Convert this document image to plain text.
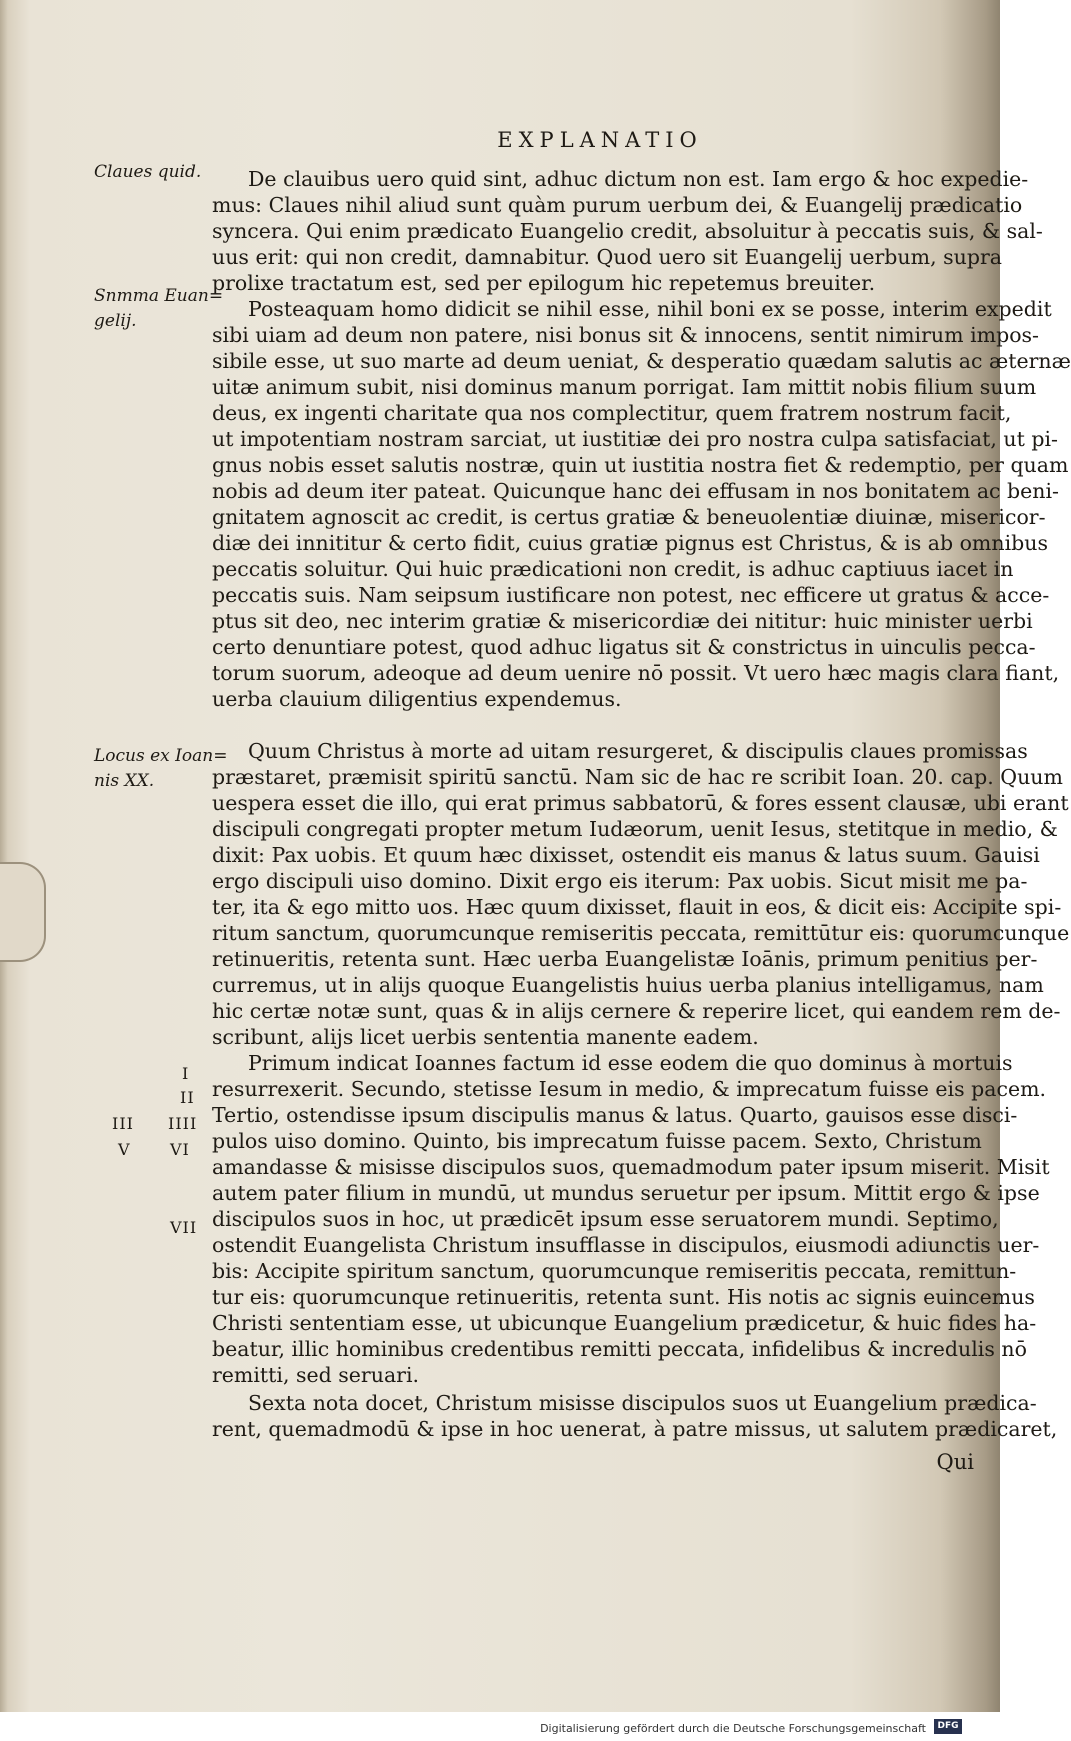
EXPLANATIO
Claues quid.
Snmma Euan=
gelij.
Locus ex Ioan=
nis XX.
I
II
III IIII
V VI
VII
De clauibus uero quid sint, adhuc dictum non est. Iam ergo & hoc expedie-
mus: Claues nihil aliud sunt quàm purum uerbum dei, & Euangelij prædicatio
syncera. Qui enim prædicato Euangelio credit, absoluitur à peccatis suis, & sal-
uus erit: qui non credit, damnabitur. Quod uero sit Euangelij uerbum, supra
prolixe tractatum est, sed per epilogum hic repetemus breuiter.
Posteaquam homo didicit se nihil esse, nihil boni ex se posse, interim expedit
sibi uiam ad deum non patere, nisi bonus sit & innocens, sentit nimirum impos-
sibile esse, ut suo marte ad deum ueniat, & desperatio quædam salutis ac æternæ
uitæ animum subit, nisi dominus manum porrigat. Iam mittit nobis filium suum
deus, ex ingenti charitate qua nos complectitur, quem fratrem nostrum facit,
ut impotentiam nostram sarciat, ut iustitiæ dei pro nostra culpa satisfaciat, ut pi-
gnus nobis esset salutis nostræ, quin ut iustitia nostra fiet & redemptio, per quam
nobis ad deum iter pateat. Quicunque hanc dei effusam in nos bonitatem ac beni-
gnitatem agnoscit ac credit, is certus gratiæ & beneuolentiæ diuinæ, misericor-
diæ dei innititur & certo fidit, cuius gratiæ pignus est Christus, & is ab omnibus
peccatis soluitur. Qui huic prædicationi non credit, is adhuc captiuus iacet in
peccatis suis. Nam seipsum iustificare non potest, nec efficere ut gratus & acce-
ptus sit deo, nec interim gratiæ & misericordiæ dei nititur: huic minister uerbi
certo denuntiare potest, quod adhuc ligatus sit & constrictus in uinculis pecca-
torum suorum, adeoque ad deum uenire nō possit. Vt uero hæc magis clara fiant,
uerba clauium diligentius expendemus.
Quum Christus à morte ad uitam resurgeret, & discipulis claues promissas
præstaret, præmisit spiritū sanctū. Nam sic de hac re scribit Ioan. 20. cap. Quum
uespera esset die illo, qui erat primus sabbatorū, & fores essent clausæ, ubi erant
discipuli congregati propter metum Iudæorum, uenit Iesus, stetitque in medio, &
dixit: Pax uobis. Et quum hæc dixisset, ostendit eis manus & latus suum. Gauisi
ergo discipuli uiso domino. Dixit ergo eis iterum: Pax uobis. Sicut misit me pa-
ter, ita & ego mitto uos. Hæc quum dixisset, flauit in eos, & dicit eis: Accipite spi-
ritum sanctum, quorumcunque remiseritis peccata, remittūtur eis: quorumcunque
retinueritis, retenta sunt. Hæc uerba Euangelistæ Ioānis, primum penitius per-
curremus, ut in alijs quoque Euangelistis huius uerba planius intelligamus, nam
hic certæ notæ sunt, quas & in alijs cernere & reperire licet, qui eandem rem de-
scribunt, alijs licet uerbis sententia manente eadem.
Primum indicat Ioannes factum id esse eodem die quo dominus à mortuis
resurrexerit. Secundo, stetisse Iesum in medio, & imprecatum fuisse eis pacem.
Tertio, ostendisse ipsum discipulis manus & latus. Quarto, gauisos esse disci-
pulos uiso domino. Quinto, bis imprecatum fuisse pacem. Sexto, Christum
amandasse & misisse discipulos suos, quemadmodum pater ipsum miserit. Misit
autem pater filium in mundū, ut mundus seruetur per ipsum. Mittit ergo & ipse
discipulos suos in hoc, ut prædicēt ipsum esse seruatorem mundi. Septimo,
ostendit Euangelista Christum insufflasse in discipulos, eiusmodi adiunctis uer-
bis: Accipite spiritum sanctum, quorumcunque remiseritis peccata, remittun-
tur eis: quorumcunque retinueritis, retenta sunt. His notis ac signis euincemus
Christi sententiam esse, ut ubicunque Euangelium prædicetur, & huic fides ha-
beatur, illic hominibus credentibus remitti peccata, infidelibus & incredulis nō
remitti, sed seruari.
Sexta nota docet, Christum misisse discipulos suos ut Euangelium prædica-
rent, quemadmodū & ipse in hoc uenerat, à patre missus, ut salutem prædicaret,
Qui
Digitalisierung gefördert durch die Deutsche Forschungsgemeinschaft	DFG
